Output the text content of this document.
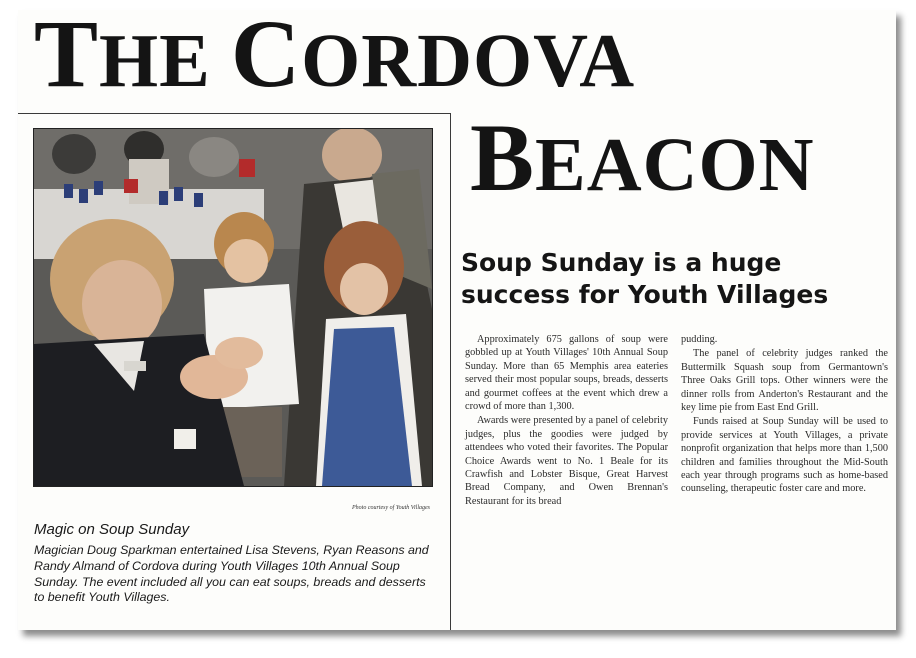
THE CORDOVA
BEACON
Photo courtesy of Youth Villages
Magic on Soup Sunday
Magician Doug Sparkman entertained Lisa Stevens, Ryan Reasons and Randy Almand of Cordova during Youth Villages 10th Annual Soup Sunday. The event included all you can eat soups, breads and desserts to benefit Youth Villages.
Soup Sunday is a huge success for Youth Villages

Approximately 675 gallons of soup were gobbled up at Youth Villages' 10th Annual Soup Sunday. More than 65 Memphis area eateries served their most popular soups, breads, desserts and gourmet coffees at the event which drew a crowd of more than 1,300.

Awards were presented by a panel of celebrity judges, plus the goodies were judged by attendees who voted their favorites. The Popular Choice Awards went to No. 1 Beale for its Crawfish and Lobster Bisque, Great Harvest Bread Company, and Owen Brennan's Restaurant for its bread

pudding.

The panel of celebrity judges ranked the Buttermilk Squash soup from Germantown's Three Oaks Grill tops. Other winners were the dinner rolls from Anderton's Restaurant and the key lime pie from East End Grill.

Funds raised at Soup Sunday will be used to provide services at Youth Villages, a private nonprofit organization that helps more than 1,500 children and families throughout the Mid-South each year through programs such as home-based counseling, therapeutic foster care and more.
